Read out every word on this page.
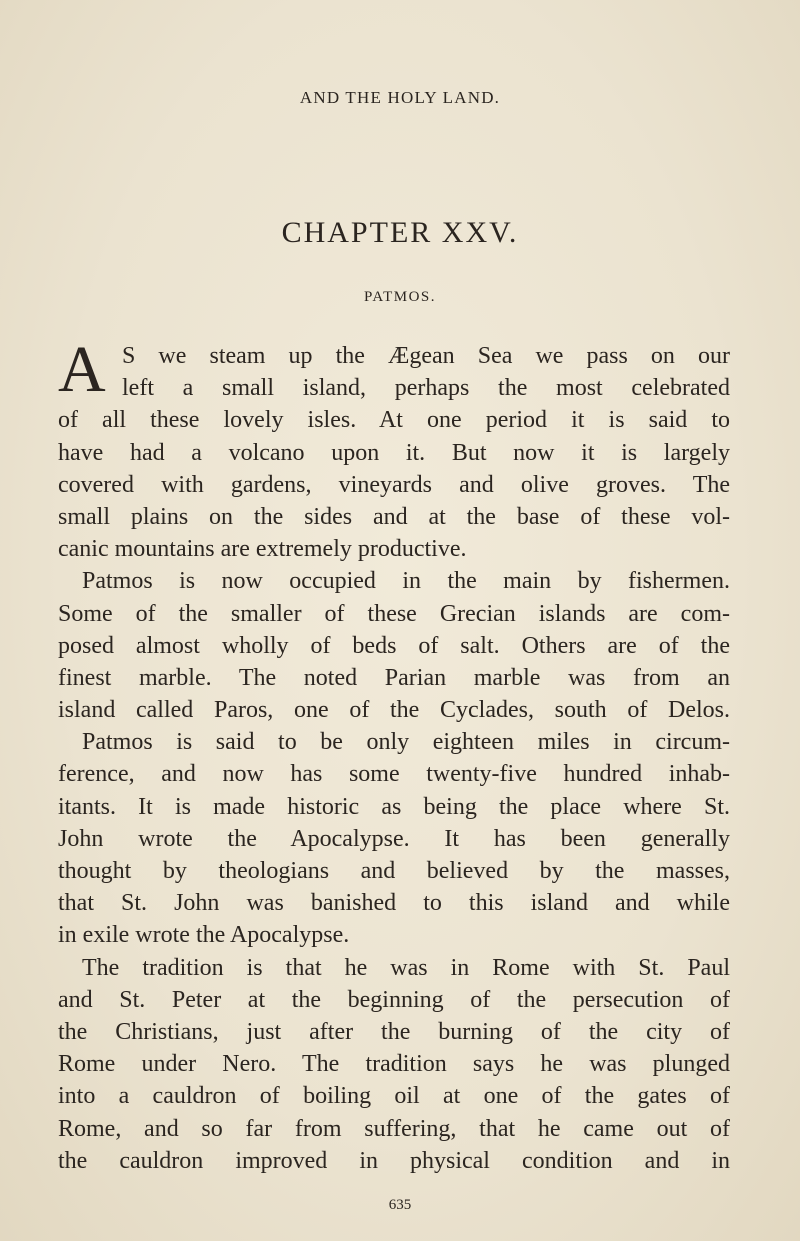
AND THE HOLY LAND.
CHAPTER XXV.
PATMOS.
A S we steam up the Ægean Sea we pass on our
left a small island, perhaps the most celebrated
of all these lovely isles. At one period it is said to
have had a volcano upon it. But now it is largely
covered with gardens, vineyards and olive groves. The
small plains on the sides and at the base of these vol-
canic mountains are extremely productive.
Patmos is now occupied in the main by fishermen.
Some of the smaller of these Grecian islands are com-
posed almost wholly of beds of salt. Others are of the
finest marble. The noted Parian marble was from an
island called Paros, one of the Cyclades, south of Delos.
Patmos is said to be only eighteen miles in circum-
ference, and now has some twenty-five hundred inhab-
itants. It is made historic as being the place where St.
John wrote the Apocalypse. It has been generally
thought by theologians and believed by the masses,
that St. John was banished to this island and while
in exile wrote the Apocalypse.
The tradition is that he was in Rome with St. Paul
and St. Peter at the beginning of the persecution of
the Christians, just after the burning of the city of
Rome under Nero. The tradition says he was plunged
into a cauldron of boiling oil at one of the gates of
Rome, and so far from suffering, that he came out of
the cauldron improved in physical condition and in
635
